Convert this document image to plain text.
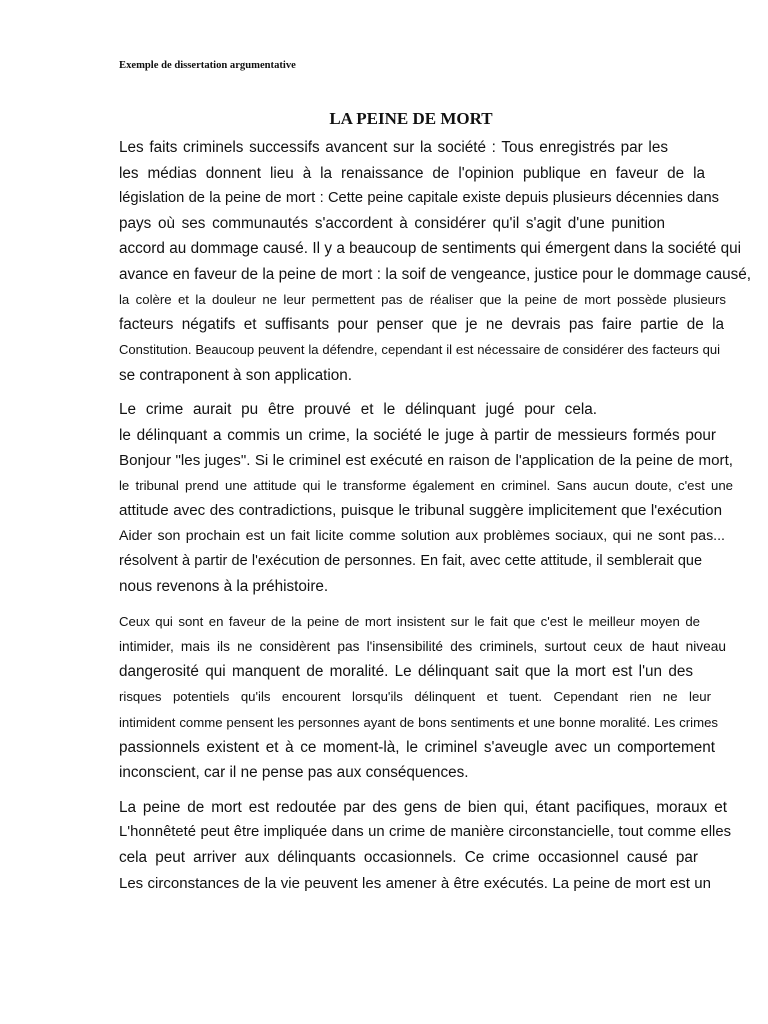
Exemple de dissertation argumentative
LA PEINE DE MORT
Les faits criminels successifs avancent sur la société : Tous enregistrés par les
les médias donnent lieu à la renaissance de l'opinion publique en faveur de la
législation de la peine de mort : Cette peine capitale existe depuis plusieurs décennies dans
pays où ses communautés s'accordent à considérer qu'il s'agit d'une punition
accord au dommage causé. Il y a beaucoup de sentiments qui émergent dans la société qui
avance en faveur de la peine de mort : la soif de vengeance, justice pour le dommage causé,
la colère et la douleur ne leur permettent pas de réaliser que la peine de mort possède plusieurs
facteurs négatifs et suffisants pour penser que je ne devrais pas faire partie de la
Constitution. Beaucoup peuvent la défendre, cependant il est nécessaire de considérer des facteurs qui
se contraponent à son application.
Le crime aurait pu être prouvé et le délinquant jugé pour cela.
le délinquant a commis un crime, la société le juge à partir de messieurs formés pour
Bonjour "les juges". Si le criminel est exécuté en raison de l'application de la peine de mort,
le tribunal prend une attitude qui le transforme également en criminel. Sans aucun doute, c'est une
attitude avec des contradictions, puisque le tribunal suggère implicitement que l'exécution
Aider son prochain est un fait licite comme solution aux problèmes sociaux, qui ne sont pas...
résolvent à partir de l'exécution de personnes. En fait, avec cette attitude, il semblerait que
nous revenons à la préhistoire.
Ceux qui sont en faveur de la peine de mort insistent sur le fait que c'est le meilleur moyen de
intimider, mais ils ne considèrent pas l'insensibilité des criminels, surtout ceux de haut niveau
dangerosité qui manquent de moralité. Le délinquant sait que la mort est l'un des
risques potentiels qu'ils encourent lorsqu'ils délinquent et tuent. Cependant rien ne leur
intimident comme pensent les personnes ayant de bons sentiments et une bonne moralité. Les crimes
passionnels existent et à ce moment-là, le criminel s'aveugle avec un comportement
inconscient, car il ne pense pas aux conséquences.
La peine de mort est redoutée par des gens de bien qui, étant pacifiques, moraux et
L'honnêteté peut être impliquée dans un crime de manière circonstancielle, tout comme elles
cela peut arriver aux délinquants occasionnels. Ce crime occasionnel causé par
Les circonstances de la vie peuvent les amener à être exécutés. La peine de mort est un
